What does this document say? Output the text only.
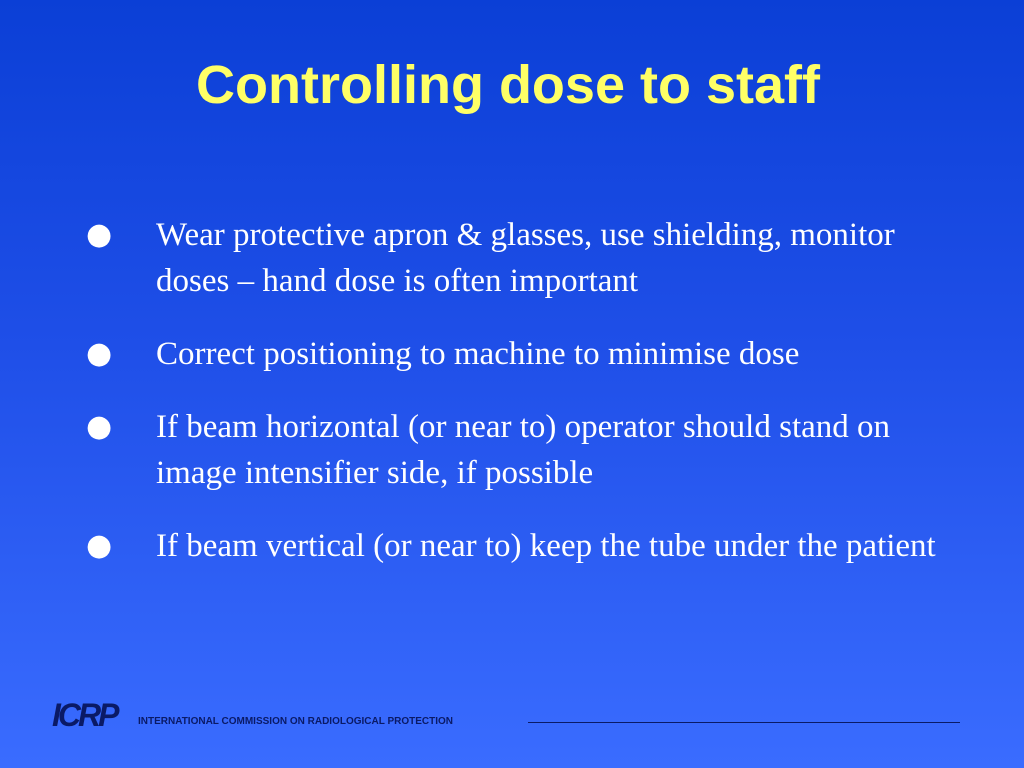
Controlling dose to staff
●	Wear protective apron & glasses, use shielding, monitor doses – hand dose is often important
●	Correct positioning to machine to minimise dose
●	If beam horizontal (or near to) operator should stand on image intensifier side, if possible
●	If beam vertical (or near to) keep the tube under the patient
ICRP INTERNATIONAL COMMISSION ON RADIOLOGICAL PROTECTION
